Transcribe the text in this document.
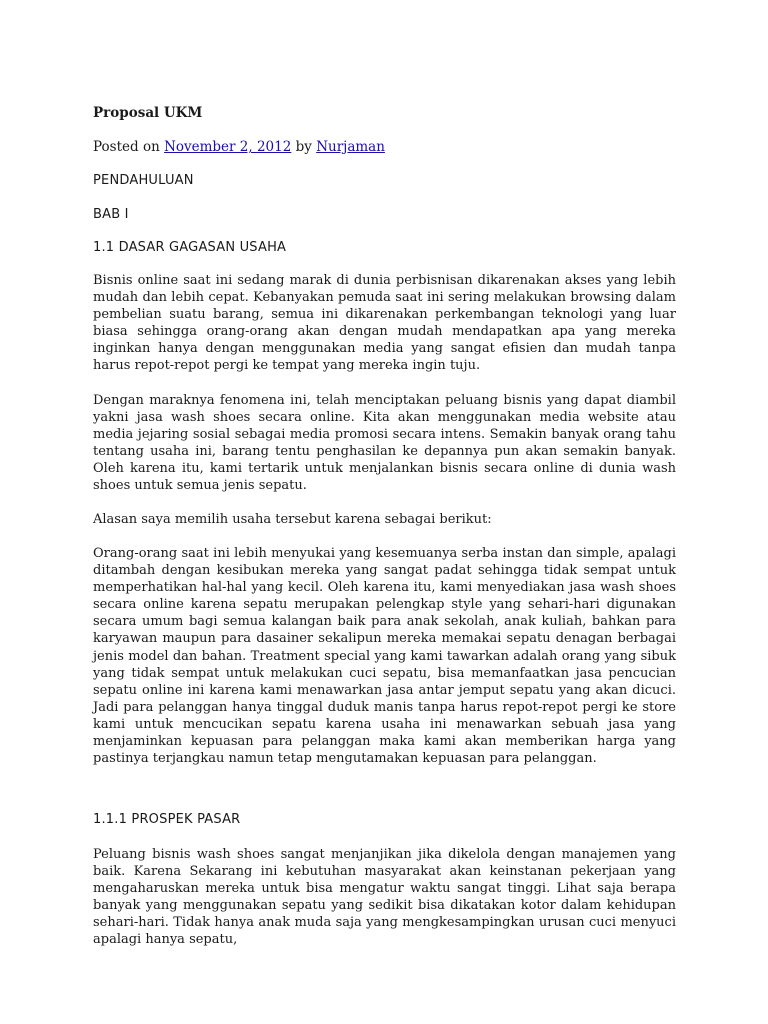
Proposal UKM

Posted on November 2, 2012 by Nurjaman

PENDAHULUAN

BAB I

1.1 DASAR GAGASAN USAHA

Bisnis online saat ini sedang marak di dunia perbisnisan dikarenakan akses yang lebih mudah dan lebih cepat. Kebanyakan pemuda saat ini sering melakukan browsing dalam pembelian suatu barang, semua ini dikarenakan perkembangan teknologi yang luar biasa sehingga orang-orang akan dengan mudah mendapatkan apa yang mereka inginkan hanya dengan menggunakan media yang sangat efisien dan mudah tanpa harus repot-repot pergi ke tempat yang mereka ingin tuju.

Dengan maraknya fenomena ini, telah menciptakan peluang bisnis yang dapat diambil yakni jasa wash shoes secara online. Kita akan menggunakan media website atau media jejaring sosial sebagai media promosi secara intens. Semakin banyak orang tahu tentang usaha ini, barang tentu penghasilan ke depannya pun akan semakin banyak. Oleh karena itu, kami tertarik untuk menjalankan bisnis secara online di dunia wash shoes untuk semua jenis sepatu.

Alasan saya memilih usaha tersebut karena sebagai berikut:

Orang-orang saat ini lebih menyukai yang kesemuanya serba instan dan simple, apalagi ditambah dengan kesibukan mereka yang sangat padat sehingga tidak sempat untuk memperhatikan hal-hal yang kecil. Oleh karena itu, kami menyediakan jasa wash shoes secara online karena sepatu merupakan pelengkap style yang sehari-hari digunakan secara umum bagi semua kalangan baik para anak sekolah, anak kuliah, bahkan para karyawan maupun para dasainer sekalipun mereka memakai sepatu denagan berbagai jenis model dan bahan. Treatment special yang kami tawarkan adalah orang yang sibuk yang tidak sempat untuk melakukan cuci sepatu, bisa memanfaatkan jasa pencucian sepatu online ini karena kami menawarkan jasa antar jemput sepatu yang akan dicuci. Jadi para pelanggan hanya tinggal duduk manis tanpa harus repot-repot pergi ke store kami untuk mencucikan sepatu karena usaha ini menawarkan sebuah jasa yang menjaminkan kepuasan para pelanggan maka kami akan memberikan harga yang pastinya terjangkau namun tetap mengutamakan kepuasan para pelanggan.

1.1.1 PROSPEK PASAR

Peluang bisnis wash shoes sangat menjanjikan jika dikelola dengan manajemen yang baik. Karena Sekarang ini kebutuhan masyarakat akan keinstanan pekerjaan yang mengaharuskan mereka untuk bisa mengatur waktu sangat tinggi. Lihat saja berapa banyak yang menggunakan sepatu yang sedikit bisa dikatakan kotor dalam kehidupan sehari-hari. Tidak hanya anak muda saja yang mengkesampingkan urusan cuci menyuci apalagi hanya sepatu,
